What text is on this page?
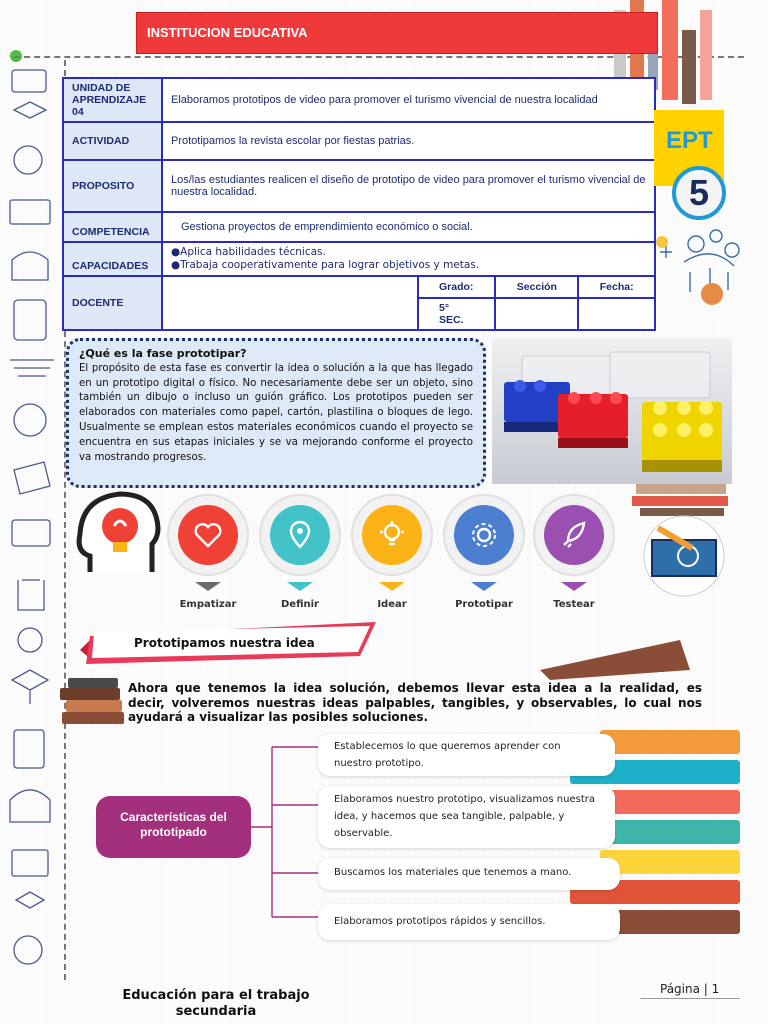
INSTITUCION EDUCATIVA
UNIDAD DE APRENDIZAJE 04	Elaboramos prototipos de video para promover el turismo vivencial de nuestra localidad			
ACTIVIDAD	Prototipamos la revista escolar por fiestas patrias.			
PROPOSITO	Los/las estudiantes realicen el diseño de prototipo de video para promover el turismo vivencial de nuestra localidad.			
COMPETENCIA	Gestiona proyectos de emprendimiento económico o social.			
CAPACIDADES	●Aplica habilidades técnicas.
●Trabaja cooperativamente para lograr objetivos y metas.			

DOCENTE		Grado:	Sección	Fecha:
		5° SEC.		
EPT
5
¿Qué es la fase prototipar?
El propósito de esta fase es convertir la idea o solución a la que has llegado en un prototipo digital o físico. No necesariamente debe ser un objeto, sino también un dibujo o incluso un guión gráfico. Los prototipos pueden ser elaborados con materiales como papel, cartón, plastilina o bloques de lego. Usualmente se emplean estos materiales económicos cuando el proyecto se encuentra en sus etapas iniciales y se va mejorando conforme el proyecto va mostrando progresos.
Empatizar	Definir	Idear	Prototipar	Testear
Prototipamos nuestra idea
Ahora que tenemos la idea solución, debemos llevar esta idea a la realidad, es decir, volveremos nuestras ideas palpables, tangibles, y observables, lo cual nos ayudará a visualizar las posibles soluciones.
Características del prototipado
Establecemos lo que queremos aprender con nuestro prototipo.
Elaboramos nuestro prototipo, visualizamos nuestra idea, y hacemos que sea tangible, palpable, y observable.
Buscamos los materiales que tenemos a mano.
Elaboramos prototipos rápidos y sencillos.
Educación para el trabajo secundaria
Página | 1
